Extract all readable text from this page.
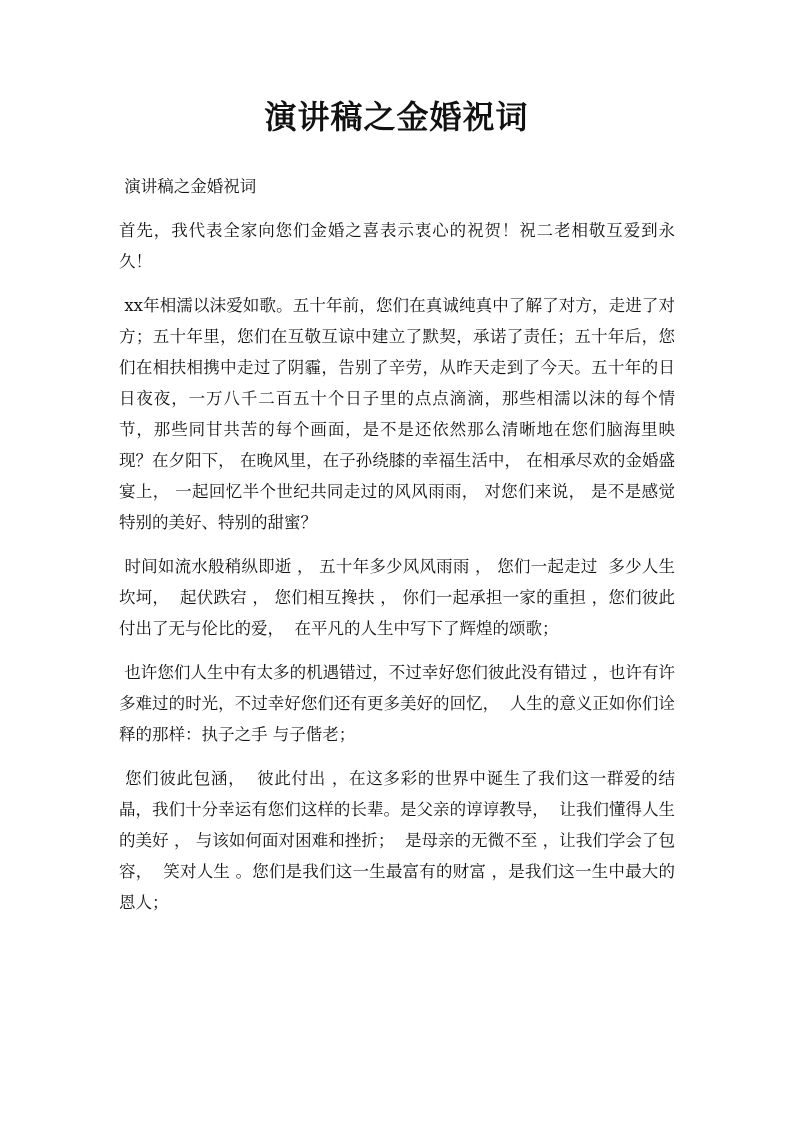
演讲稿之金婚祝词

演讲稿之金婚祝词

首先，我代表全家向您们金婚之喜表示衷心的祝贺！祝二老相敬互爱到永久！

xx年相濡以沫爱如歌。五十年前，您们在真诚纯真中了解了对方，走进了对方；五十年里，您们在互敬互谅中建立了默契，承诺了责任；五十年后，您们在相扶相携中走过了阴霾，告别了辛劳，从昨天走到了今天。五十年的日日夜夜，一万八千二百五十个日子里的点点滴滴，那些相濡以沫的每个情节，那些同甘共苦的每个画面，是不是还依然那么清晰地在您们脑海里映现？在夕阳下， 在晚风里，在子孙绕膝的幸福生活中， 在相承尽欢的金婚盛宴上， 一起回忆半个世纪共同走过的风风雨雨， 对您们来说， 是不是感觉特别的美好、特别的甜蜜？

时间如流水般稍纵即逝 ， 五十年多少风风雨雨 ， 您们一起走过  多少人生坎坷，  起伏跌宕 ， 您们相互搀扶 ， 你们一起承担一家的重担 ，您们彼此付出了无与伦比的爱，  在平凡的人生中写下了辉煌的颂歌；

也许您们人生中有太多的机遇错过，不过幸好您们彼此没有错过 ，也许有许多难过的时光，不过幸好您们还有更多美好的回忆，  人生的意义正如你们诠释的那样：执子之手 与子偕老；

您们彼此包涵，  彼此付出 ，在这多彩的世界中诞生了我们这一群爱的结晶，我们十分幸运有您们这样的长辈。是父亲的谆谆教导，  让我们懂得人生的美好 ， 与该如何面对困难和挫折；  是母亲的无微不至 ，让我们学会了包容，  笑对人生 。您们是我们这一生最富有的财富 ，是我们这一生中最大的恩人；
